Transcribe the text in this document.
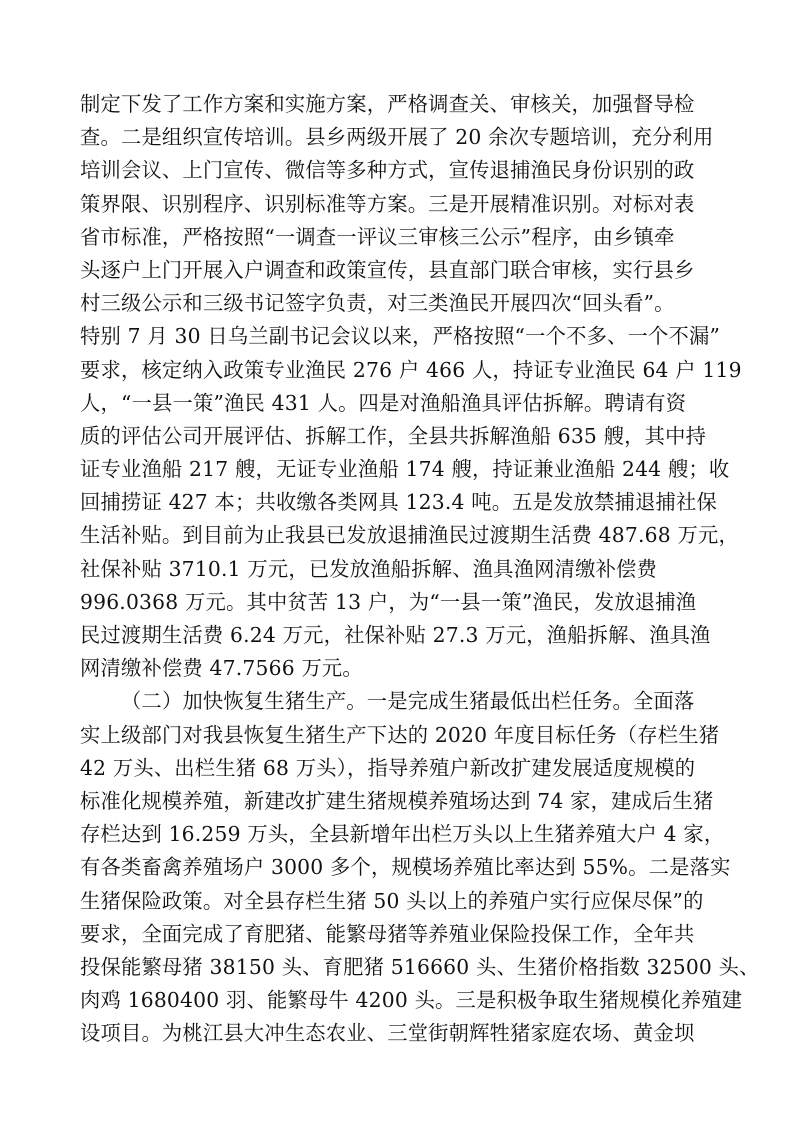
制定下发了工作方案和实施方案，严格调查关、审核关，加强督导检
查。二是组织宣传培训。县乡两级开展了 20 余次专题培训，充分利用
培训会议、上门宣传、微信等多种方式，宣传退捕渔民身份识别的政
策界限、识别程序、识别标准等方案。三是开展精准识别。对标对表
省市标准，严格按照“一调查一评议三审核三公示”程序，由乡镇牵
头逐户上门开展入户调查和政策宣传，县直部门联合审核，实行县乡
村三级公示和三级书记签字负责，对三类渔民开展四次“回头看”。
特别 7 月 30 日乌兰副书记会议以来，严格按照“一个不多、一个不漏”
要求，核定纳入政策专业渔民 276 户 466 人，持证专业渔民 64 户 119
人，“一县一策”渔民 431 人。四是对渔船渔具评估拆解。聘请有资
质的评估公司开展评估、拆解工作，全县共拆解渔船 635 艘，其中持
证专业渔船 217 艘，无证专业渔船 174 艘，持证兼业渔船 244 艘；收
回捕捞证 427 本；共收缴各类网具 123.4 吨。五是发放禁捕退捕社保
生活补贴。到目前为止我县已发放退捕渔民过渡期生活费 487.68 万元，
社保补贴 3710.1 万元，已发放渔船拆解、渔具渔网清缴补偿费
996.0368 万元。其中贫苦 13 户，为“一县一策”渔民，发放退捕渔
民过渡期生活费 6.24 万元，社保补贴 27.3 万元，渔船拆解、渔具渔
网清缴补偿费 47.7566 万元。
（二）加快恢复生猪生产。一是完成生猪最低出栏任务。全面落
实上级部门对我县恢复生猪生产下达的 2020 年度目标任务（存栏生猪
42 万头、出栏生猪 68 万头），指导养殖户新改扩建发展适度规模的
标准化规模养殖，新建改扩建生猪规模养殖场达到 74 家，建成后生猪
存栏达到 16.259 万头，全县新增年出栏万头以上生猪养殖大户 4 家，
有各类畜禽养殖场户 3000 多个，规模场养殖比率达到 55%。二是落实
生猪保险政策。对全县存栏生猪 50 头以上的养殖户实行应保尽保”的
要求，全面完成了育肥猪、能繁母猪等养殖业保险投保工作，全年共
投保能繁母猪 38150 头、育肥猪 516660 头、生猪价格指数 32500 头、
肉鸡 1680400 羽、能繁母牛 4200 头。三是积极争取生猪规模化养殖建
设项目。为桃江县大冲生态农业、三堂街朝辉牲猪家庭农场、黄金坝
